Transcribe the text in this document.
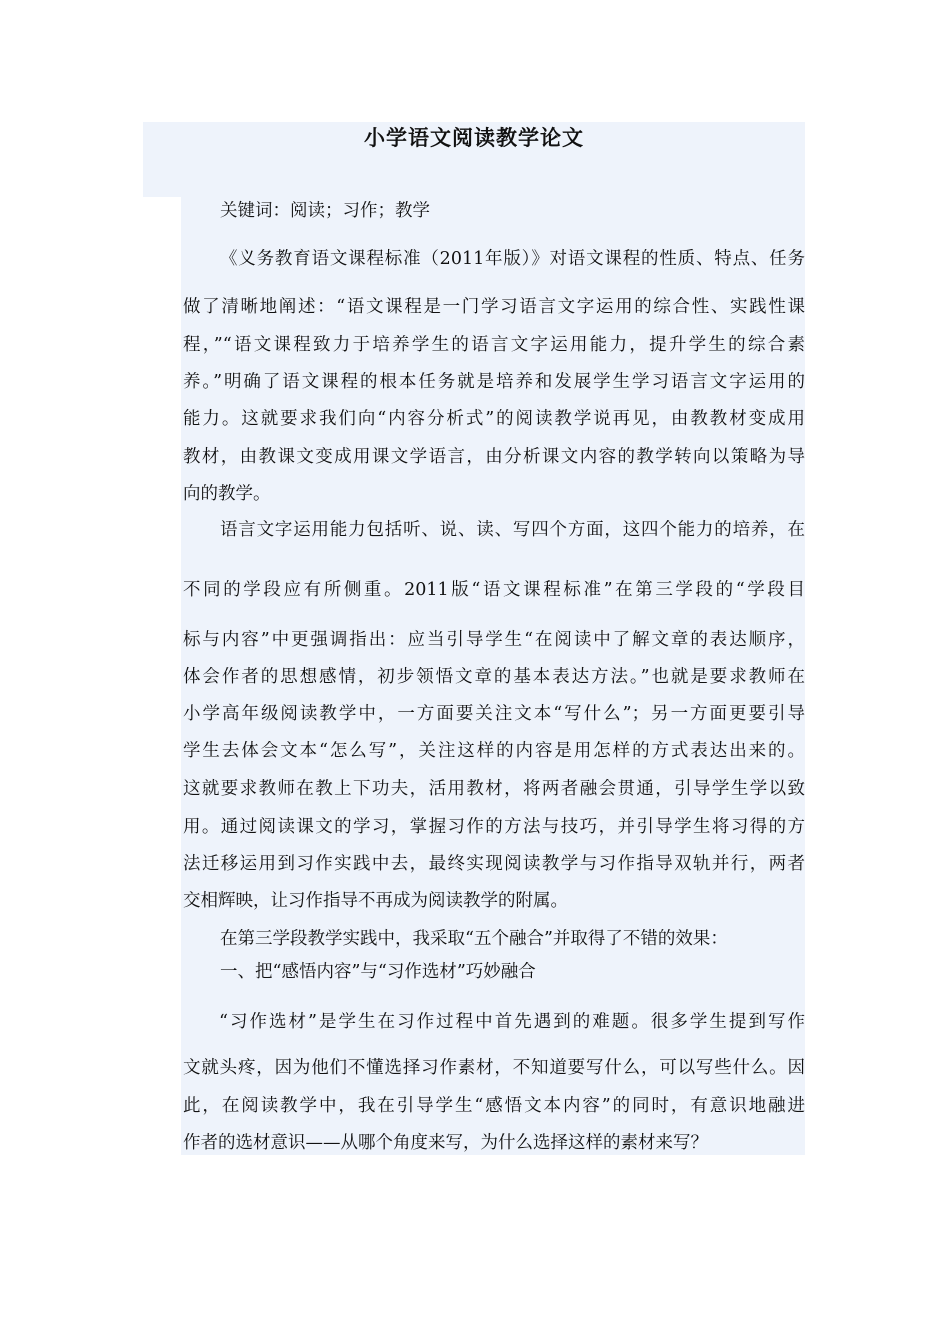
小学语文阅读教学论文
关键词：阅读；习作；教学
《义务教育语文课程标准（2011年版）》对语文课程的性质、特点、任务
做了清晰地阐述：“语文课程是一门学习语言文字运用的综合性、实践性课
程，”“语文课程致力于培养学生的语言文字运用能力，提升学生的综合素
养。”明确了语文课程的根本任务就是培养和发展学生学习语言文字运用的
能力。这就要求我们向“内容分析式”的阅读教学说再见，由教教材变成用
教材，由教课文变成用课文学语言，由分析课文内容的教学转向以策略为导
向的教学。
语言文字运用能力包括听、说、读、写四个方面，这四个能力的培养，在
不同的学段应有所侧重。2011版“语文课程标准”在第三学段的“学段目
标与内容”中更强调指出：应当引导学生“在阅读中了解文章的表达顺序，
体会作者的思想感情，初步领悟文章的基本表达方法。”也就是要求教师在
小学高年级阅读教学中，一方面要关注文本“写什么”；另一方面更要引导
学生去体会文本“怎么写”，关注这样的内容是用怎样的方式表达出来的。
这就要求教师在教上下功夫，活用教材，将两者融会贯通，引导学生学以致
用。通过阅读课文的学习，掌握习作的方法与技巧，并引导学生将习得的方
法迁移运用到习作实践中去，最终实现阅读教学与习作指导双轨并行，两者
交相辉映，让习作指导不再成为阅读教学的附属。
在第三学段教学实践中，我采取“五个融合”并取得了不错的效果：
一、把“感悟内容”与“习作选材”巧妙融合
“习作选材”是学生在习作过程中首先遇到的难题。很多学生提到写作
文就头疼，因为他们不懂选择习作素材，不知道要写什么，可以写些什么。因
此，在阅读教学中，我在引导学生“感悟文本内容”的同时，有意识地融进
作者的选材意识——从哪个角度来写，为什么选择这样的素材来写？
